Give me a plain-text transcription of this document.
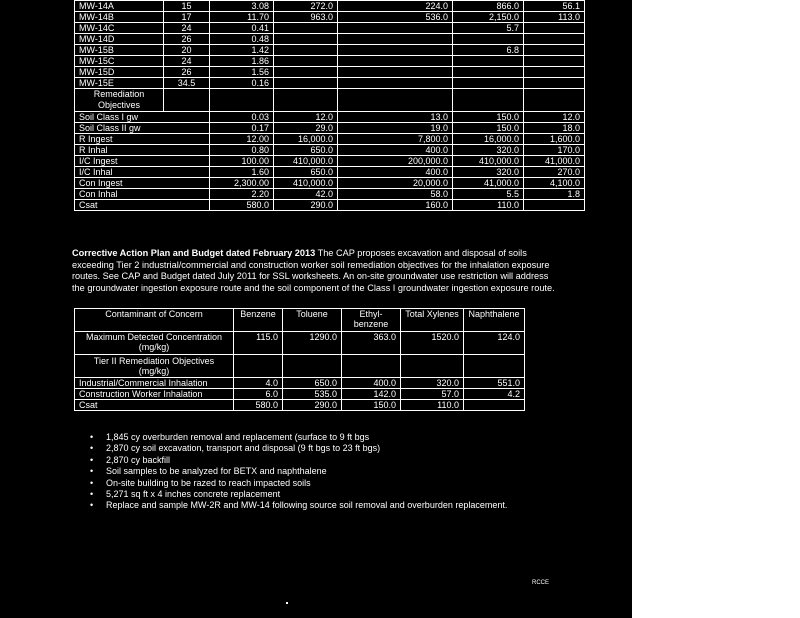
MW-14A	15	3.08	272.0	224.0	866.0	56.1
MW-14B	17	11.70	963.0	536.0	2,150.0	113.0
MW-14C	24	0.41			5.7	
MW-14D	26	0.48				
MW-15B	20	1.42			6.8	
MW-15C	24	1.86				
MW-15D	26	1.56				
MW-15E	34.5	0.16				
Remediation Objectives						
Soil Class I gw		0.03	12.0	13.0	150.0	12.0
Soil Class II gw		0.17	29.0	19.0	150.0	18.0
R Ingest		12.00	16,000.0	7,800.0	16,000.0	1,600.0
R Inhal		0.80	650.0	400.0	320.0	170.0
I/C Ingest		100.00	410,000.0	200,000.0	410,000.0	41,000.0
I/C Inhal		1.60	650.0	400.0	320.0	270.0
Con Ingest		2,300.00	410,000.0	20,000.0	41,000.0	4,100.0
Con Inhal		2.20	42.0	58.0	5.5	1.8
Csat		580.0	290.0	160.0	110.0	
Corrective Action Plan and Budget dated February 2013 The CAP proposes excavation and disposal of soils exceeding Tier 2 industrial/commercial and construction worker soil remediation objectives for the inhalation exposure routes. See CAP and Budget dated July 2011 for SSL worksheets. An on-site groundwater use restriction will address the groundwater ingestion exposure route and the soil component of the Class I groundwater ingestion exposure route.
Contaminant of Concern	Benzene	Toluene	Ethyl-benzene	Total Xylenes	Naphthalene
Maximum Detected Concentration (mg/kg)	115.0	1290.0	363.0	1520.0	124.0
Tier II Remediation Objectives (mg/kg)					
Industrial/Commercial Inhalation	4.0	650.0	400.0	320.0	551.0
Construction Worker Inhalation	6.0	535.0	142.0	57.0	4.2
Csat	580.0	290.0	150.0	110.0	
• 1,845 cy overburden removal and replacement (surface to 9 ft bgs
• 2,870 cy soil excavation, transport and disposal (9 ft bgs to 23 ft bgs)
• 2,870 cy backfill
• Soil samples to be analyzed for BETX and naphthalene
• On-site building to be razed to reach impacted soils
• 5,271 sq ft x 4 inches concrete replacement
• Replace and sample MW-2R and MW-14 following source soil removal and overburden replacement.
RCCE
